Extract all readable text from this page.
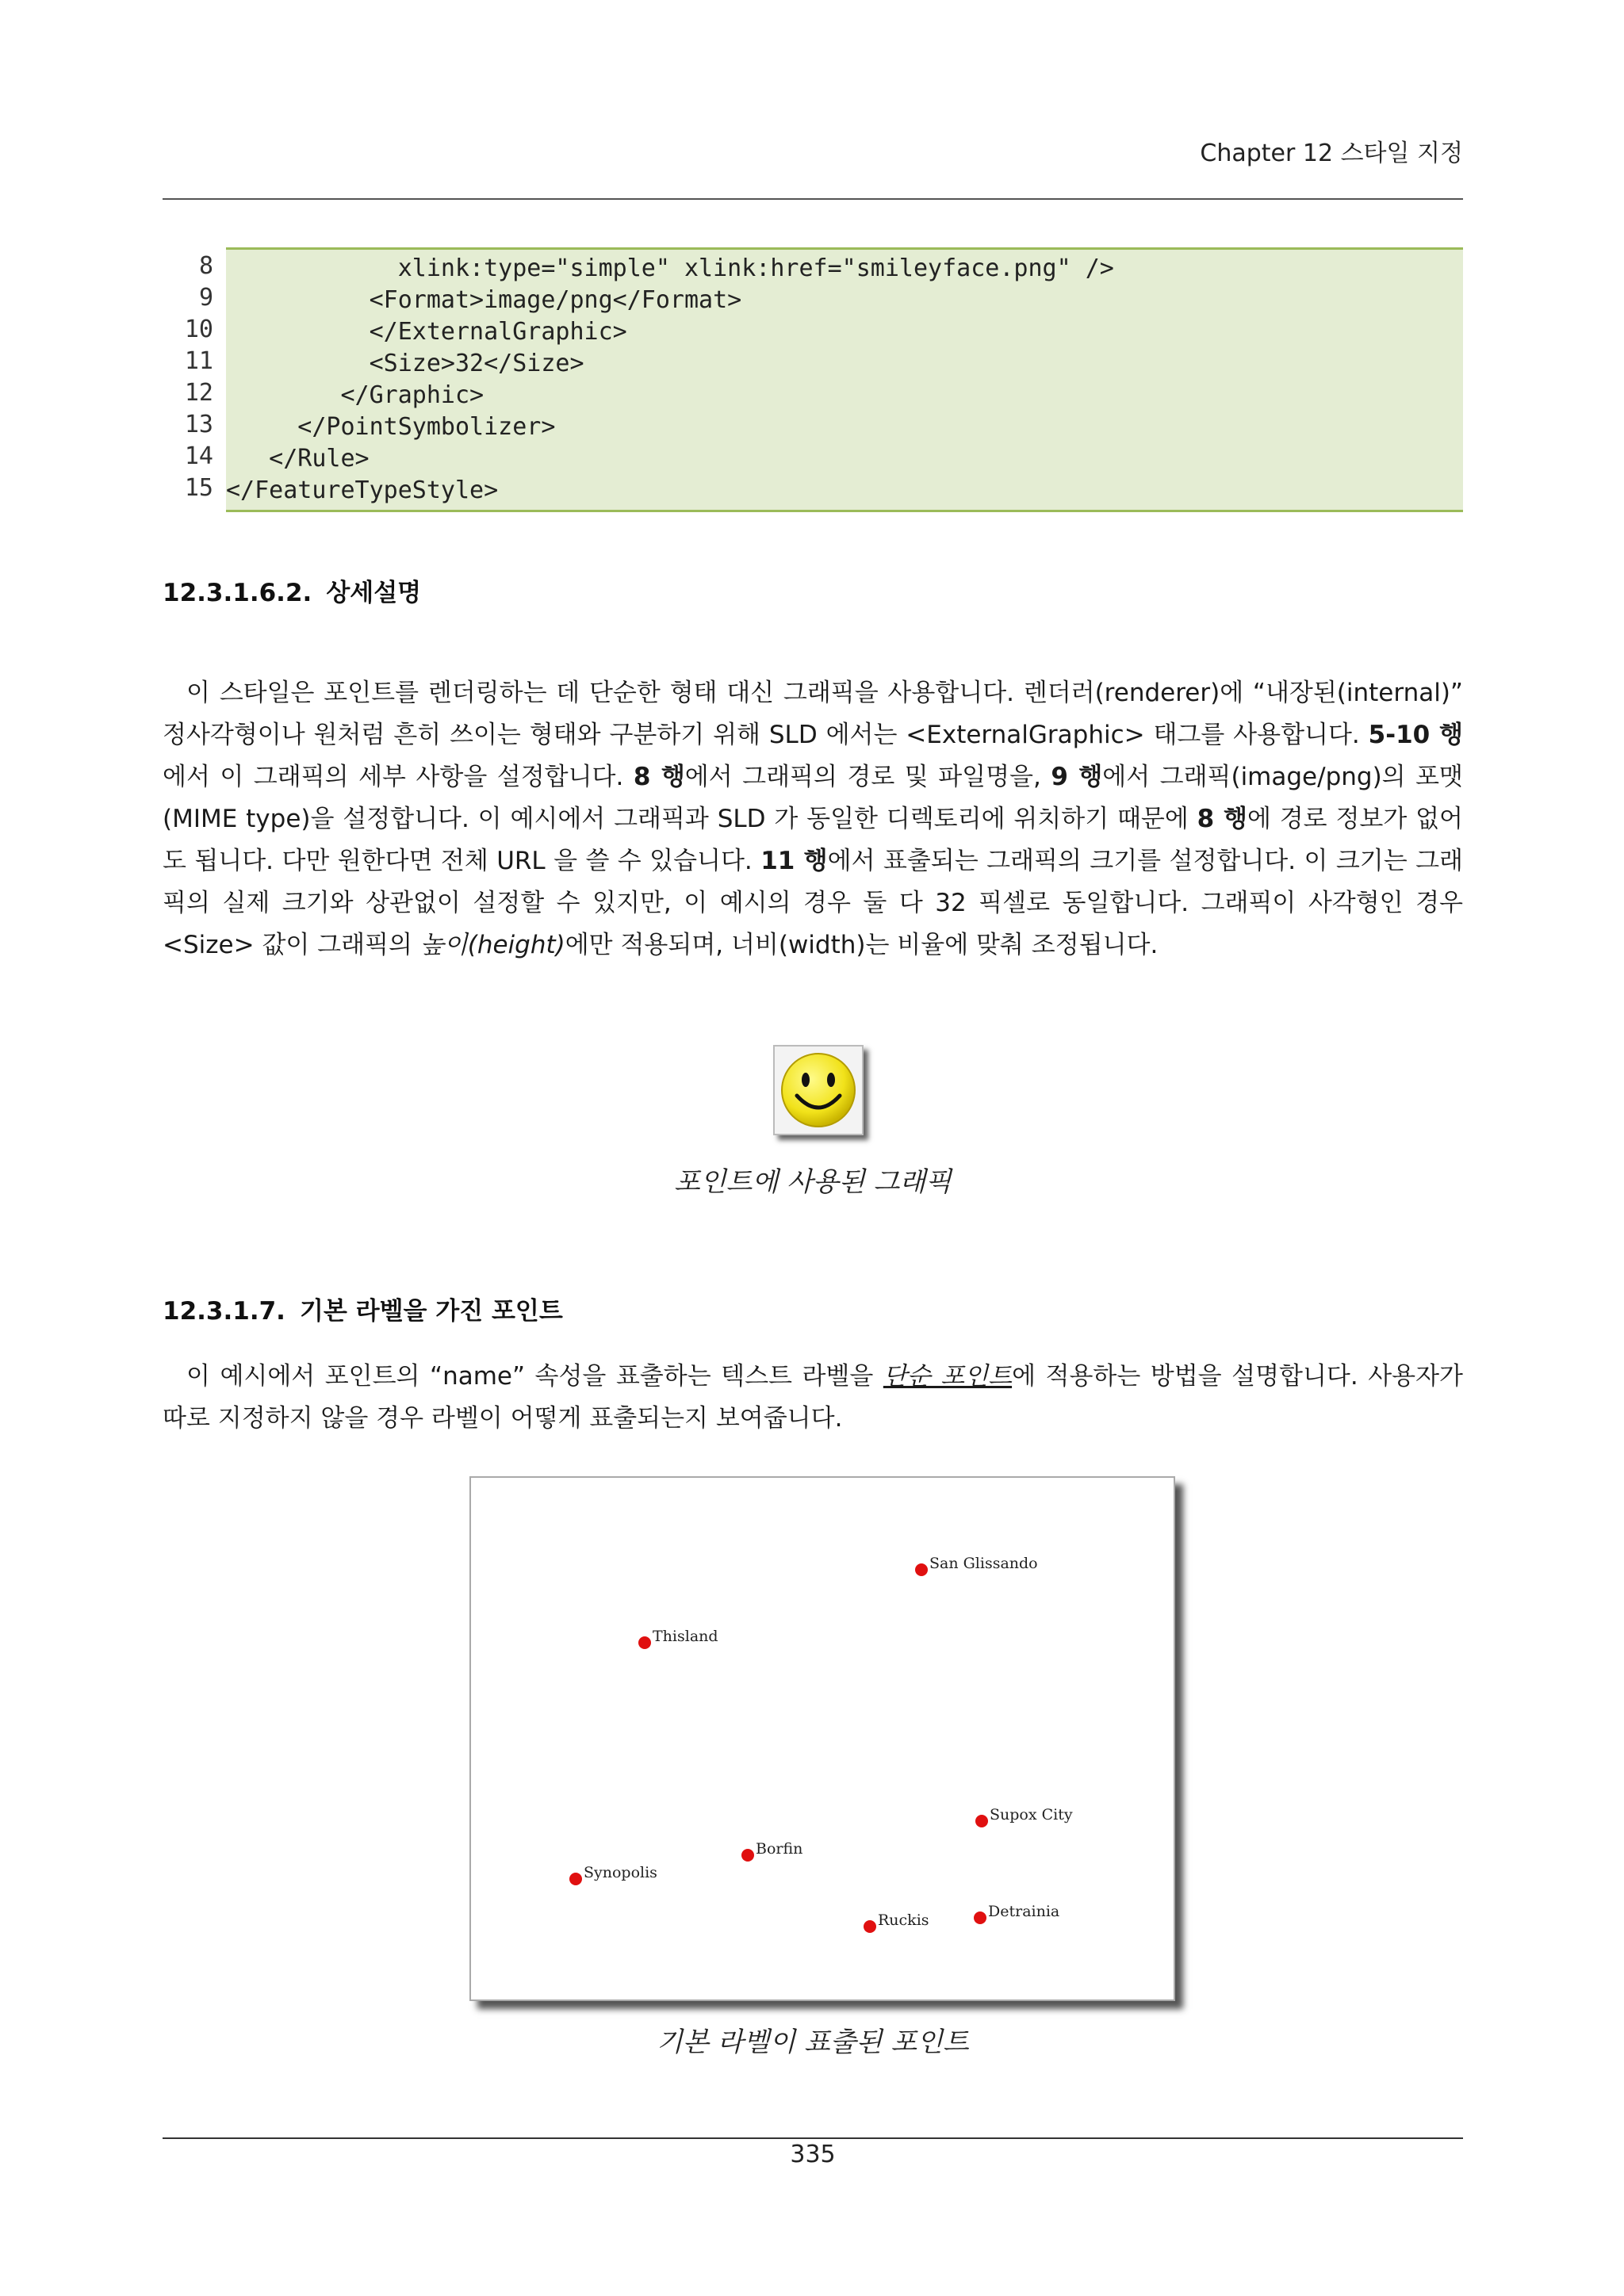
Chapter 12 스타일 지정
8
9
10
11
12
13
14
15
xlink:type="simple" xlink:href="smileyface.png" />
<Format>image/png</Format>
</ExternalGraphic>
<Size>32</Size>
</Graphic>
</PointSymbolizer>
</Rule>
</FeatureTypeStyle>
12.3.1.6.2. 상세설명

이 스타일은 포인트를 렌더링하는 데 단순한 형태 대신 그래픽을 사용합니다. 렌더러(renderer)에 “내장된(internal)” 정사각형이나 원처럼 흔히 쓰이는 형태와 구분하기 위해 SLD 에서는 <ExternalGraphic> 태그를 사용합니다. 5-10 행에서 이 그래픽의 세부 사항을 설정합니다. 8 행에서 그래픽의 경로 및 파일명을, 9 행에서 그래픽(image/png)의 포맷(MIME type)을 설정합니다. 이 예시에서 그래픽과 SLD 가 동일한 디렉토리에 위치하기 때문에 8 행에 경로 정보가 없어도 됩니다. 다만 원한다면 전체 URL 을 쓸 수 있습니다. 11 행에서 표출되는 그래픽의 크기를 설정합니다. 이 크기는 그래픽의 실제 크기와 상관없이 설정할 수 있지만, 이 예시의 경우 둘 다 32 픽셀로 동일합니다. 그래픽이 사각형인 경우 <Size> 값이 그래픽의 높이(height)에만 적용되며, 너비(width)는 비율에 맞춰 조정됩니다.

포인트에 사용된 그래픽
12.3.1.7. 기본 라벨을 가진 포인트

이 예시에서 포인트의 “name” 속성을 표출하는 텍스트 라벨을 단순 포인트에 적용하는 방법을 설명합니다. 사용자가 따로 지정하지 않을 경우 라벨이 어떻게 표출되는지 보여줍니다.

San Glissando
Thisland
Supox City
Borfin
Synopolis
Ruckis	Detrainia
기본 라벨이 표출된 포인트
335
